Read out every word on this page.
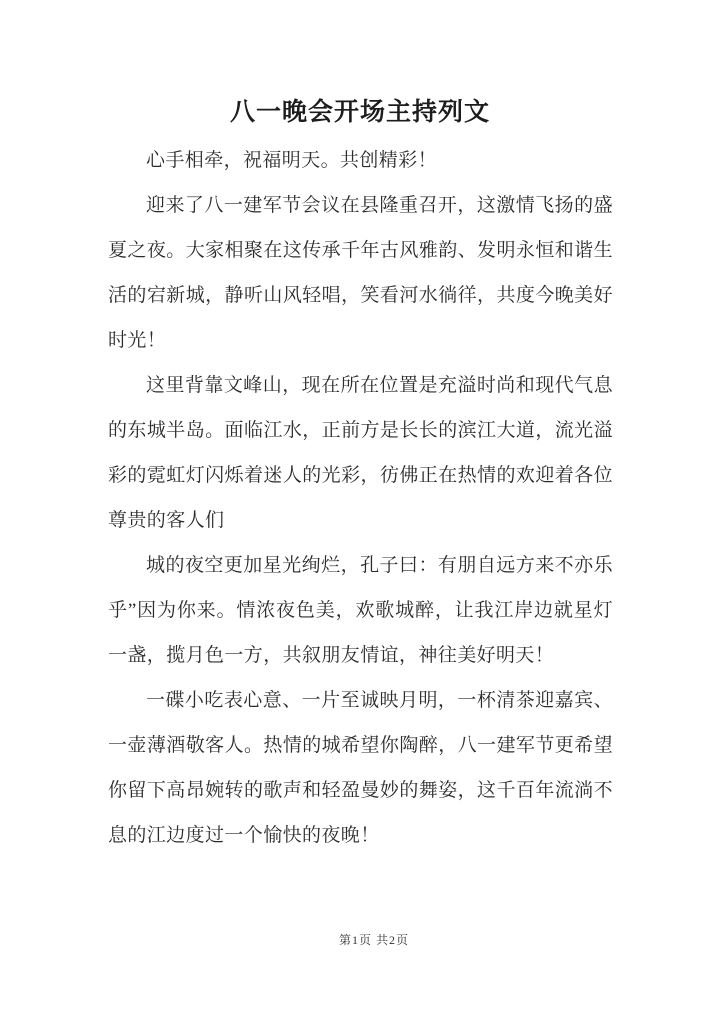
八一晚会开场主持列文

心手相牵，祝福明天。共创精彩！

迎来了八一建军节会议在县隆重召开，这激情飞扬的盛夏之夜。大家相聚在这传承千年古风雅韵、发明永恒和谐生活的宕新城，静听山风轻唱，笑看河水徜徉，共度今晚美好时光！

这里背靠文峰山，现在所在位置是充溢时尚和现代气息的东城半岛。面临江水，正前方是长长的滨江大道，流光溢彩的霓虹灯闪烁着迷人的光彩，彷佛正在热情的欢迎着各位尊贵的客人们

城的夜空更加星光绚烂，孔子曰：有朋自远方来不亦乐乎”因为你来。情浓夜色美，欢歌城醉，让我江岸边就星灯一盏，揽月色一方，共叙朋友情谊，神往美好明天！

一碟小吃表心意、一片至诚映月明，一杯清茶迎嘉宾、一壶薄酒敬客人。热情的城希望你陶醉，八一建军节更希望你留下高昂婉转的歌声和轻盈曼妙的舞姿，这千百年流淌不息的江边度过一个愉快的夜晚！

第1页 共2页
